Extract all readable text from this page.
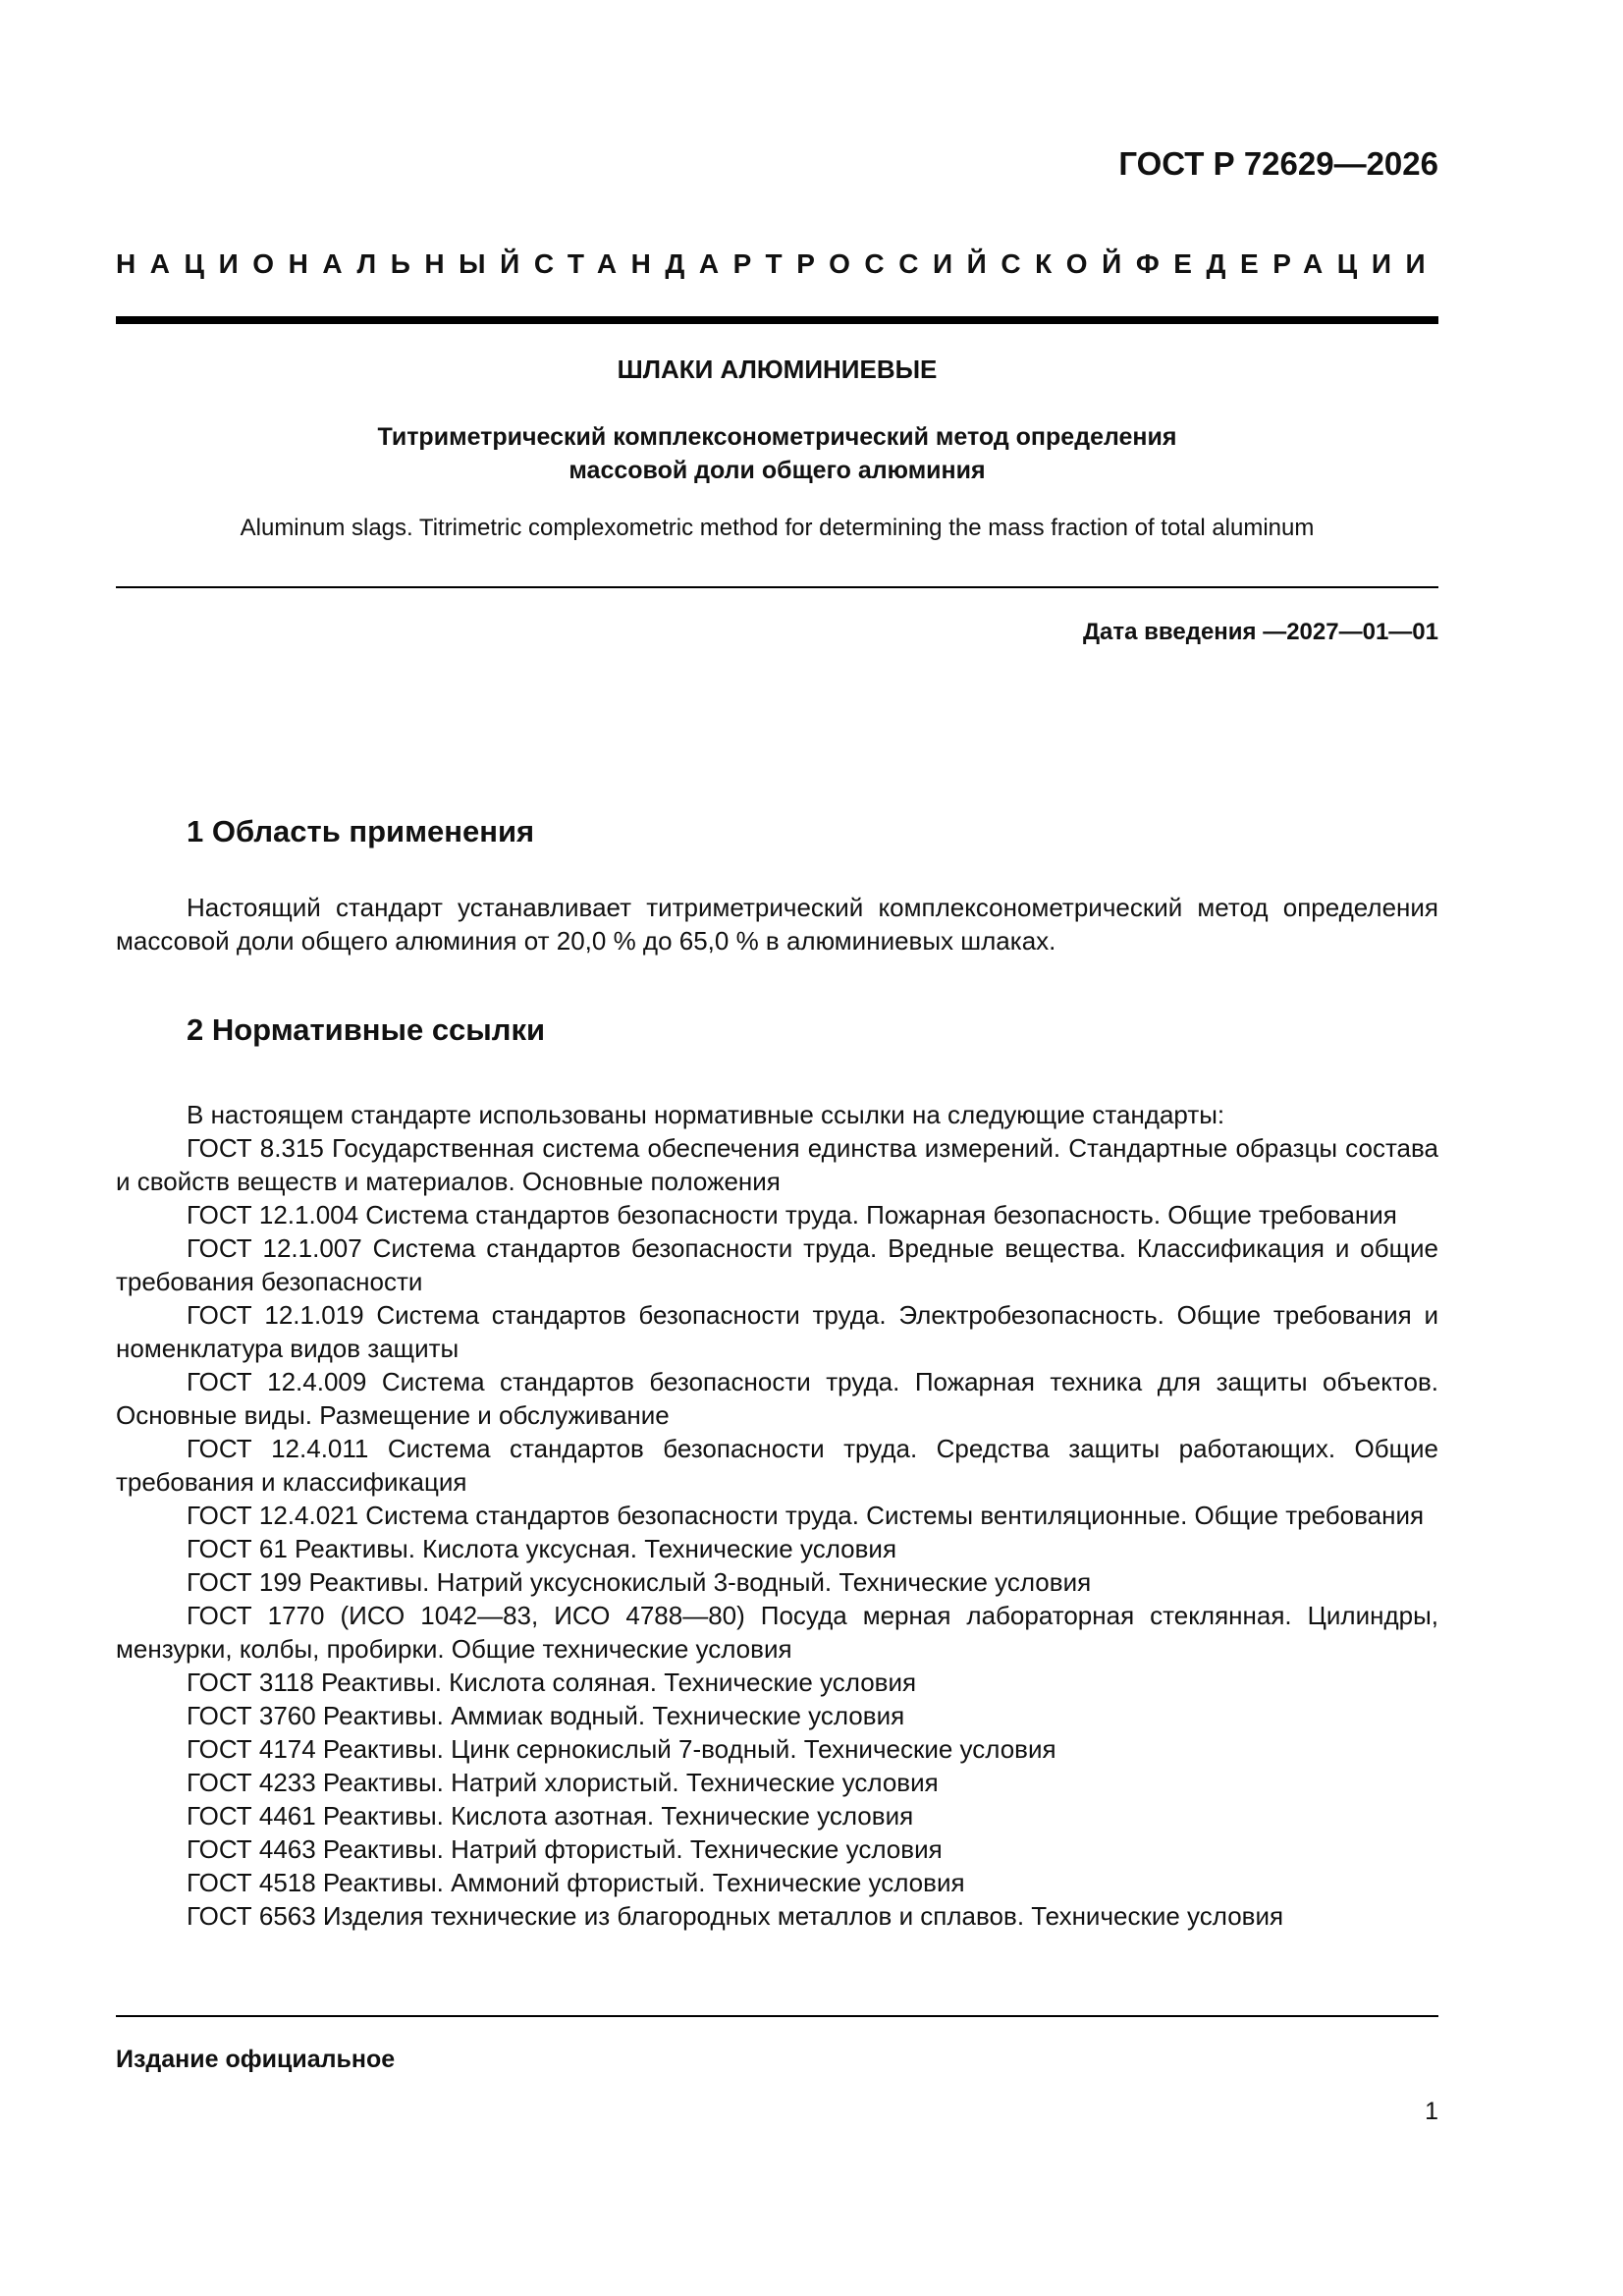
ГОСТ Р 72629—2026
НАЦИОНАЛЬНЫЙ СТАНДАРТ РОССИЙСКОЙ ФЕДЕРАЦИИ
ШЛАКИ АЛЮМИНИЕВЫЕ
Титриметрический комплексонометрический метод определения
массовой доли общего алюминия
Aluminum slags. Titrimetric complexometric method for determining the mass fraction of total aluminum
Дата введения —2027—01—01
1 Область применения

Настоящий стандарт устанавливает титриметрический комплексонометрический метод определения массовой доли общего алюминия от 20,0 % до 65,0 % в алюминиевых шлаках.

2 Нормативные ссылки

В настоящем стандарте использованы нормативные ссылки на следующие стандарты:

ГОСТ 8.315 Государственная система обеспечения единства измерений. Стандартные образцы состава и свойств веществ и материалов. Основные положения

ГОСТ 12.1.004 Система стандартов безопасности труда. Пожарная безопасность. Общие требования

ГОСТ 12.1.007 Система стандартов безопасности труда. Вредные вещества. Классификация и общие требования безопасности

ГОСТ 12.1.019 Система стандартов безопасности труда. Электробезопасность. Общие требования и номенклатура видов защиты

ГОСТ 12.4.009 Система стандартов безопасности труда. Пожарная техника для защиты объектов. Основные виды. Размещение и обслуживание

ГОСТ 12.4.011 Система стандартов безопасности труда. Средства защиты работающих. Общие требования и классификация

ГОСТ 12.4.021 Система стандартов безопасности труда. Системы вентиляционные. Общие требования

ГОСТ 61 Реактивы. Кислота уксусная. Технические условия

ГОСТ 199 Реактивы. Натрий уксуснокислый 3-водный. Технические условия

ГОСТ 1770 (ИСО 1042—83, ИСО 4788—80) Посуда мерная лабораторная стеклянная. Цилиндры, мензурки, колбы, пробирки. Общие технические условия

ГОСТ 3118 Реактивы. Кислота соляная. Технические условия

ГОСТ 3760 Реактивы. Аммиак водный. Технические условия

ГОСТ 4174 Реактивы. Цинк сернокислый 7-водный. Технические условия

ГОСТ 4233 Реактивы. Натрий хлористый. Технические условия

ГОСТ 4461 Реактивы. Кислота азотная. Технические условия

ГОСТ 4463 Реактивы. Натрий фтористый. Технические условия

ГОСТ 4518 Реактивы. Аммоний фтористый. Технические условия

ГОСТ 6563 Изделия технические из благородных металлов и сплавов. Технические условия

Издание официальное
1
